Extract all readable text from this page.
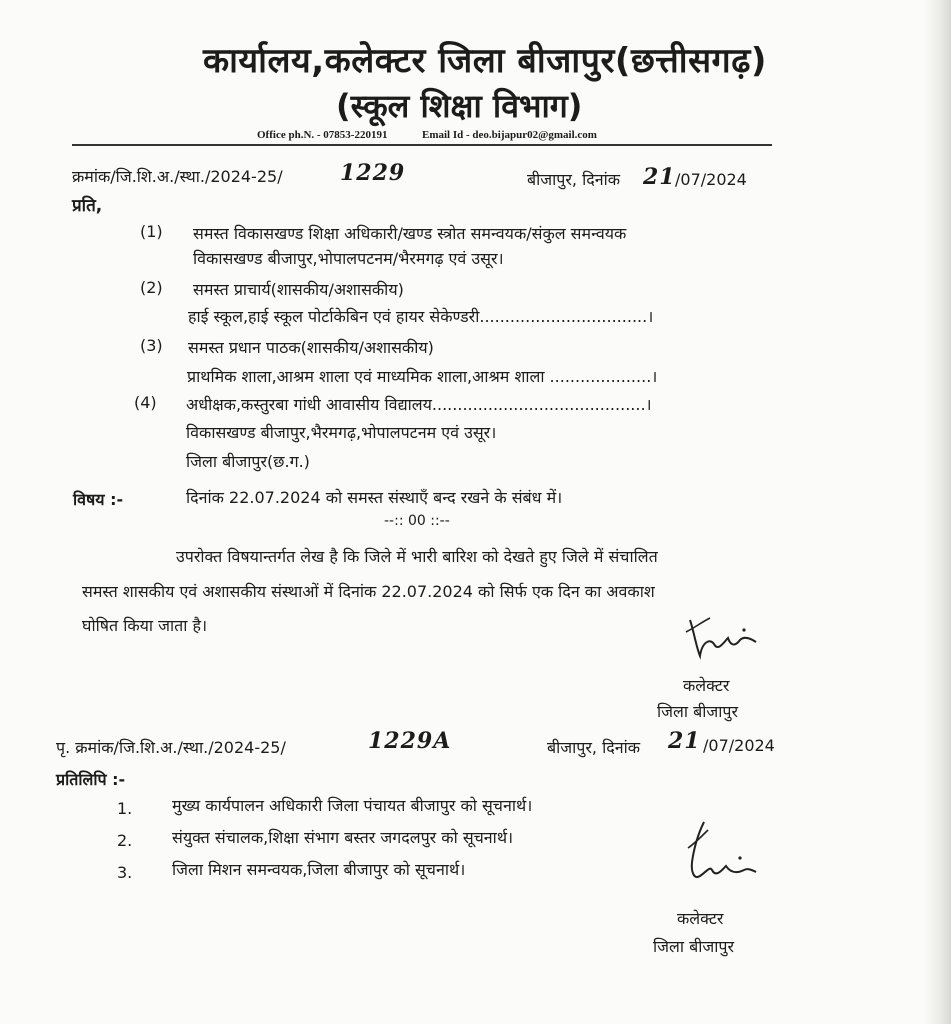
कार्यालय,कलेक्टर जिला बीजापुर(छत्तीसगढ़)
(स्कूल शिक्षा विभाग)
Office ph.N. - 07853-220191	Email Id - deo.bijapur02@gmail.com
क्रमांक/जि.शि.अ./स्था./2024-25/	1229	बीजापुर, दिनांक 21 /07/2024
प्रति,
(1) समस्त विकासखण्ड शिक्षा अधिकारी/खण्ड स्त्रोत समन्वयक/संकुल समन्वयक
विकासखण्ड बीजापुर,भोपालपटनम/भैरमगढ़ एवं उसूर।
(2) समस्त प्राचार्य(शासकीय/अशासकीय)
हाई स्कूल,हाई स्कूल पोर्टाकेबिन एवं हायर सेकेण्डरी.................................।
(3) समस्त प्रधान पाठक(शासकीय/अशासकीय)
प्राथमिक शाला,आश्रम शाला एवं माध्यमिक शाला,आश्रम शाला ....................।
(4) अधीक्षक,कस्तुरबा गांधी आवासीय विद्यालय..........................................।
विकासखण्ड बीजापुर,भैरमगढ़,भोपालपटनम एवं उसूर।
जिला बीजापुर(छ.ग.)
विषय :-	दिनांक 22.07.2024 को समस्त संस्थाऍं बन्द रखने के संबंध में।
--:: 00 ::--
उपरोक्त विषयान्तर्गत लेख है कि जिले में भारी बारिश को देखते हुए जिले में संचालित
समस्त शासकीय एवं अशासकीय संस्थाओं में दिनांक 22.07.2024 को सिर्फ एक दिन का अवकाश
घोषित किया जाता है।
कलेक्टर
जिला बीजापुर
पृ. क्रमांक/जि.शि.अ./स्था./2024-25/	1229A	बीजापुर, दिनांक 21 /07/2024
प्रतिलिपि :-
1. मुख्य कार्यपालन अधिकारी जिला पंचायत बीजापुर को सूचनार्थ।
2. संयुक्त संचालक,शिक्षा संभाग बस्तर जगदलपुर को सूचनार्थ।
3. जिला मिशन समन्वयक,जिला बीजापुर को सूचनार्थ।
कलेक्टर
जिला बीजापुर
